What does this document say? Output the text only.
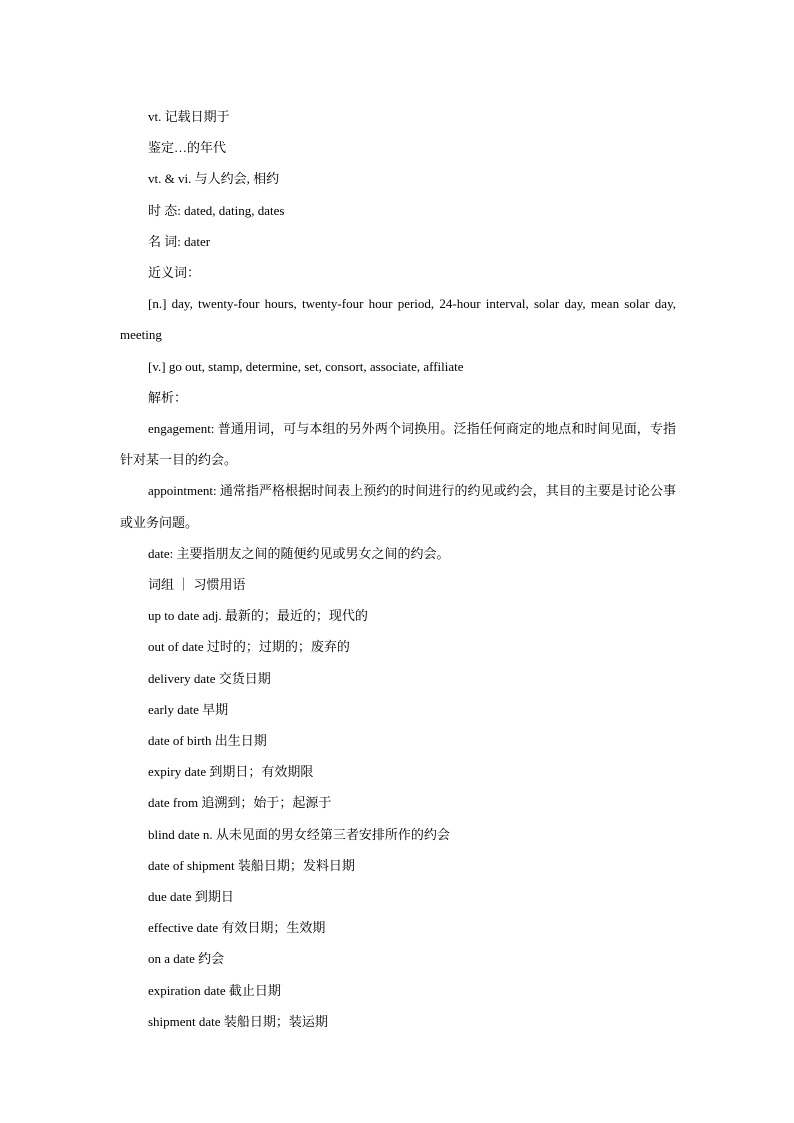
vt. 记载日期于
鉴定…的年代
vt. & vi. 与人约会, 相约
时 态: dated, dating, dates
名 词: dater
近义词：
[n.] day, twenty-four hours, twenty-four hour period, 24-hour interval, solar day, mean solar day, meeting
[v.] go out, stamp, determine, set, consort, associate, affiliate
解析：
engagement: 普通用词，可与本组的另外两个词换用。泛指任何商定的地点和时间见面，专指针对某一目的约会。
appointment: 通常指严格根据时间表上预约的时间进行的约见或约会，其目的主要是讨论公事或业务问题。
date: 主要指朋友之间的随便约见或男女之间的约会。
词组 ｜ 习惯用语
up to date adj. 最新的；最近的；现代的
out of date 过时的；过期的；废弃的
delivery date 交货日期
early date 早期
date of birth 出生日期
expiry date 到期日；有效期限
date from 追溯到；始于；起源于
blind date n. 从未见面的男女经第三者安排所作的约会
date of shipment 装船日期；发料日期
due date 到期日
effective date 有效日期；生效期
on a date 约会
expiration date 截止日期
shipment date 装船日期；装运期
